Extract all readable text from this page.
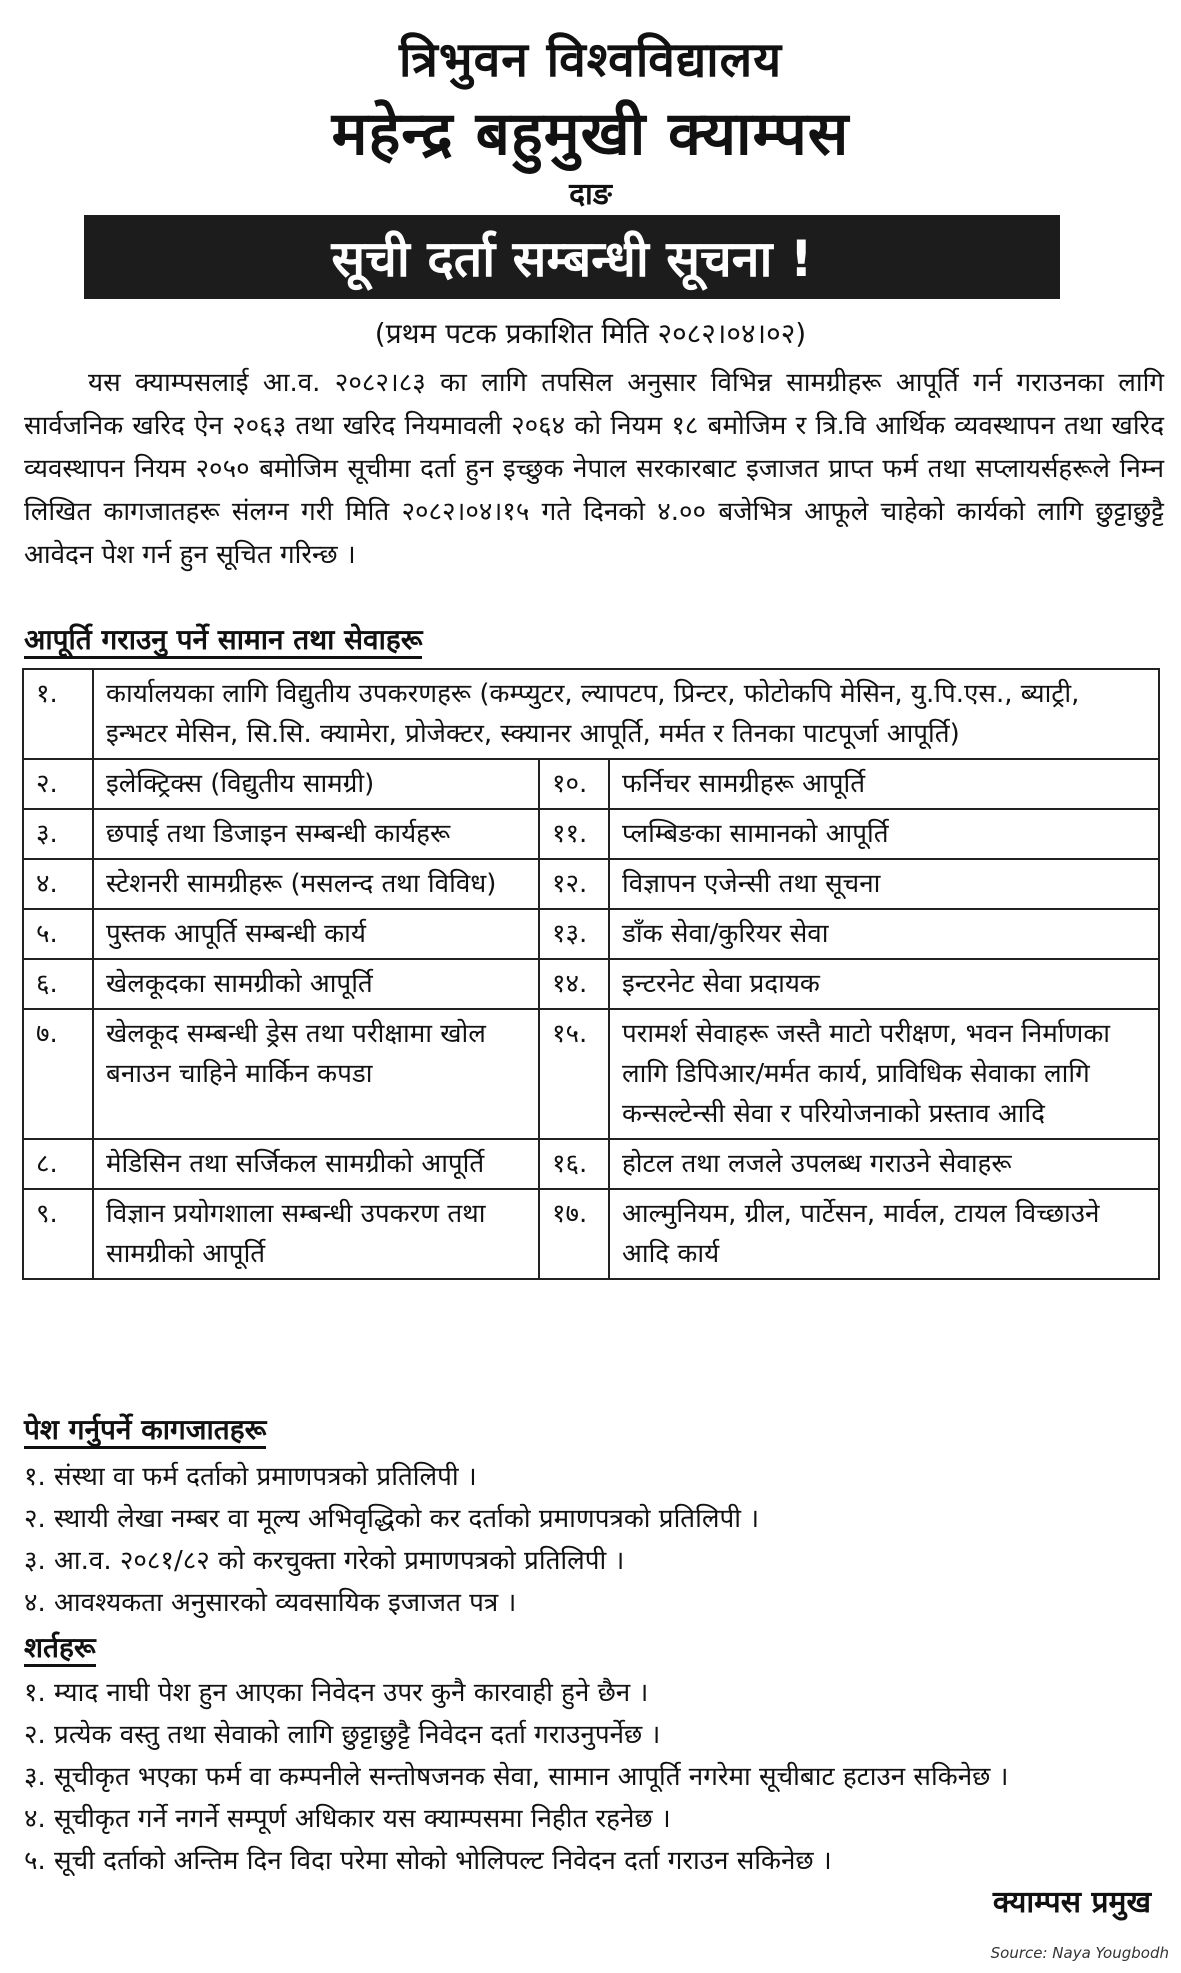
त्रिभुवन विश्वविद्यालय
महेन्द्र बहुमुखी क्याम्पस
दाङ
सूची दर्ता सम्बन्धी सूचना !
(प्रथम पटक प्रकाशित मिति २०८२।०४।०२)

यस क्याम्पसलाई आ.व. २०८२।८३ का लागि तपसिल अनुसार विभिन्न सामग्रीहरू आपूर्ति गर्न गराउनका लागि सार्वजनिक खरिद ऐन २०६३ तथा खरिद नियमावली २०६४ को नियम १८ बमोजिम र त्रि.वि आर्थिक व्यवस्थापन तथा खरिद व्यवस्थापन नियम २०५० बमोजिम सूचीमा दर्ता हुन इच्छुक नेपाल सरकारबाट इजाजत प्राप्त फर्म तथा सप्लायर्सहरूले निम्न लिखित कागजातहरू संलग्न गरी मिति २०८२।०४।१५ गते दिनको ४.०० बजेभित्र आफूले चाहेको कार्यको लागि छुट्टाछुट्टै आवेदन पेश गर्न हुन सूचित गरिन्छ ।

आपूर्ति गराउनु पर्ने सामान तथा सेवाहरू
१.	कार्यालयका लागि विद्युतीय उपकरणहरू (कम्प्युटर, ल्यापटप, प्रिन्टर, फोटोकपि मेसिन, यु.पि.एस., ब्याट्री, इन्भटर मेसिन, सि.सि. क्यामेरा, प्रोजेक्टर, स्क्यानर आपूर्ति, मर्मत र तिनका पाटपूर्जा आपूर्ति)		
२.	इलेक्ट्रिक्स (विद्युतीय सामग्री)	१०.	फर्निचर सामग्रीहरू आपूर्ति
३.	छपाई तथा डिजाइन सम्बन्धी कार्यहरू	११.	प्लम्बिङका सामानको आपूर्ति
४.	स्टेशनरी सामग्रीहरू (मसलन्द तथा विविध)	१२.	विज्ञापन एजेन्सी तथा सूचना
५.	पुस्तक आपूर्ति सम्बन्धी कार्य	१३.	डाँक सेवा/कुरियर सेवा
६.	खेलकूदका सामग्रीको आपूर्ति	१४.	इन्टरनेट सेवा प्रदायक
७.	खेलकूद सम्बन्धी ड्रेस तथा परीक्षामा खोल बनाउन चाहिने मार्किन कपडा	१५.	परामर्श सेवाहरू जस्तै माटो परीक्षण, भवन निर्माणका लागि डिपिआर/मर्मत कार्य, प्राविधिक सेवाका लागि कन्सल्टेन्सी सेवा र परियोजनाको प्रस्ताव आदि
८.	मेडिसिन तथा सर्जिकल सामग्रीको आपूर्ति	१६.	होटल तथा लजले उपलब्ध गराउने सेवाहरू
९.	विज्ञान प्रयोगशाला सम्बन्धी उपकरण तथा सामग्रीको आपूर्ति	१७.	आल्मुनियम, ग्रील, पार्टेसन, मार्वल, टायल विच्छाउने आदि कार्य
पेश गर्नुपर्ने कागजातहरू
१. संस्था वा फर्म दर्ताको प्रमाणपत्रको प्रतिलिपी ।
२. स्थायी लेखा नम्बर वा मूल्य अभिवृद्धिको कर दर्ताको प्रमाणपत्रको प्रतिलिपी ।
३. आ.व. २०८१/८२ को करचुक्ता गरेको प्रमाणपत्रको प्रतिलिपी ।
४. आवश्यकता अनुसारको व्यवसायिक इजाजत पत्र ।
शर्तहरू
१. म्याद नाघी पेश हुन आएका निवेदन उपर कुनै कारवाही हुने छैन ।
२. प्रत्येक वस्तु तथा सेवाको लागि छुट्टाछुट्टै निवेदन दर्ता गराउनुपर्नेछ ।
३. सूचीकृत भएका फर्म वा कम्पनीले सन्तोषजनक सेवा, सामान आपूर्ति नगरेमा सूचीबाट हटाउन सकिनेछ ।
४. सूचीकृत गर्ने नगर्ने सम्पूर्ण अधिकार यस क्याम्पसमा निहीत रहनेछ ।
५. सूची दर्ताको अन्तिम दिन विदा परेमा सोको भोलिपल्ट निवेदन दर्ता गराउन सकिनेछ ।
क्याम्पस प्रमुख
Source: Naya Yougbodh
